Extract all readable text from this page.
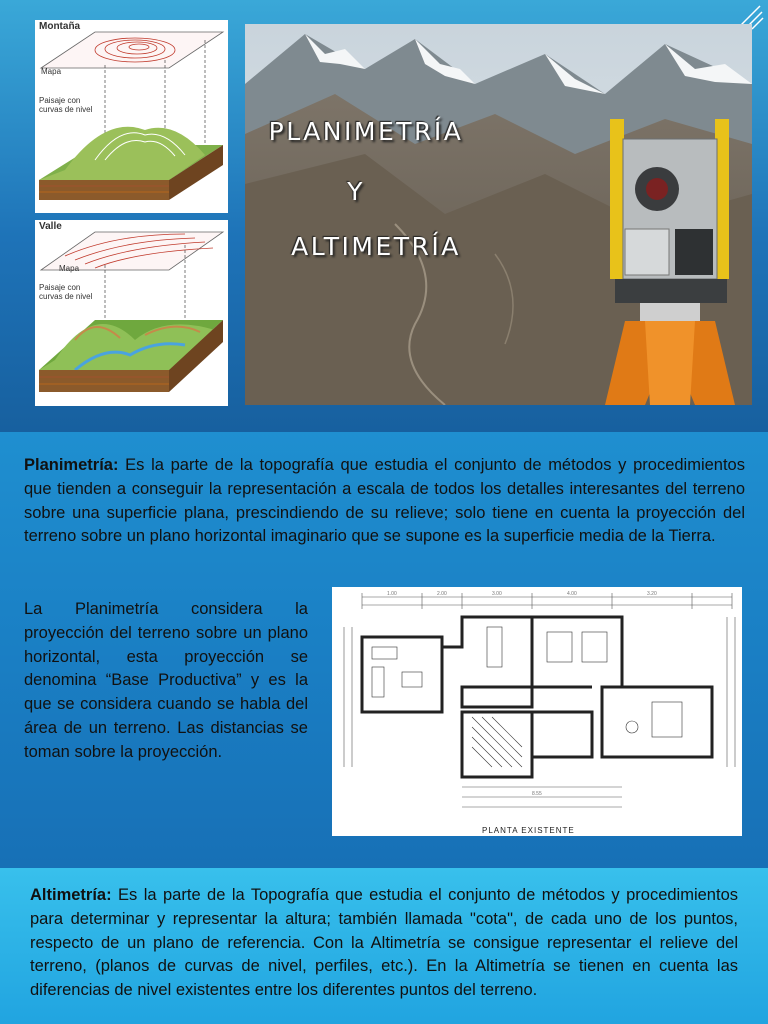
Montaña
Mapa
Paisaje con curvas de nivel
Valle
Mapa
Paisaje con curvas de nivel
PLANIMETRÍA
Y
ALTIMETRÍA

Planimetría: Es la parte de la topografía que estudia el conjunto de métodos y procedimientos que tienden a conseguir la representación a escala de todos los detalles interesantes del terreno sobre una superficie plana, prescindiendo de su relieve; solo tiene en cuenta la proyección del terreno sobre un plano horizontal imaginario que se supone es la superficie media de la Tierra.

La Planimetría considera la proyección del terreno sobre un plano horizontal, esta proyección se denomina “Base Productiva” y es la que se considera cuando se habla del área de un terreno. Las distancias se toman sobre la proyección.

1.00	2.00	3.00	4.00	3.20
8.55
PLANTA EXISTENTE

Altimetría: Es la parte de la Topografía que estudia el conjunto de métodos y procedimientos para determinar y representar la altura; también llamada "cota", de cada uno de los puntos, respecto de un plano de referencia. Con la Altimetría se consigue representar el relieve del terreno, (planos de curvas de nivel, perfiles, etc.). En la Altimetría se tienen en cuenta las diferencias de nivel existentes entre los diferentes puntos del terreno.
